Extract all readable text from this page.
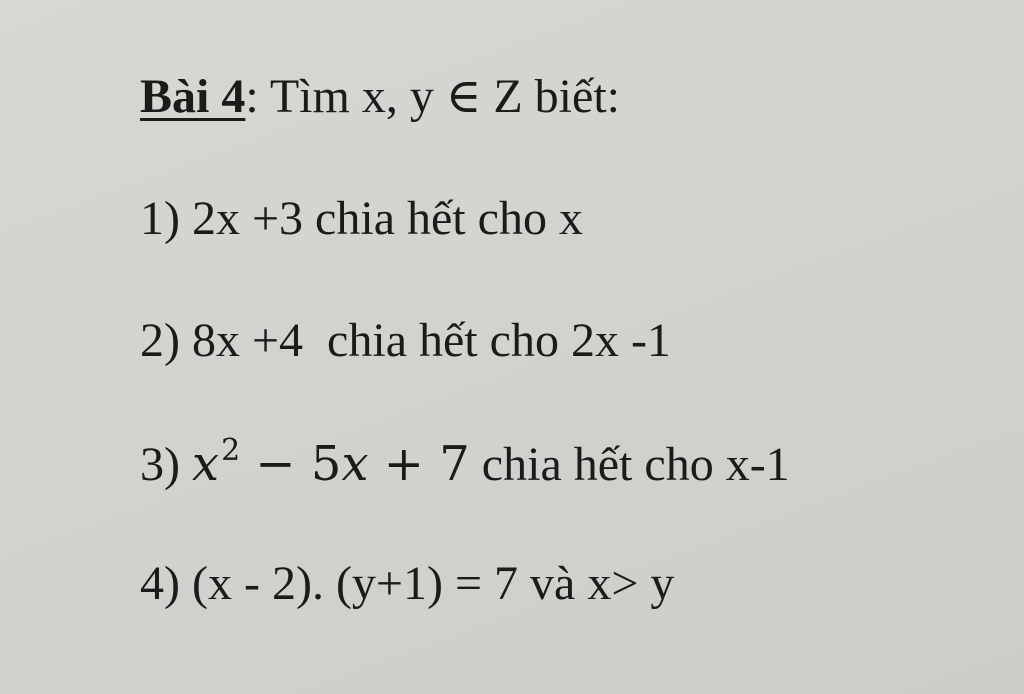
Bài 4: Tìm x, y ∈ Z biết:
1) 2x +3 chia hết cho x
2) 8x +4  chia hết cho 2x -1
3) $x^2 - 5x + 7$ chia hết cho x-1
4) (x - 2). (y+1) = 7 và x> y
